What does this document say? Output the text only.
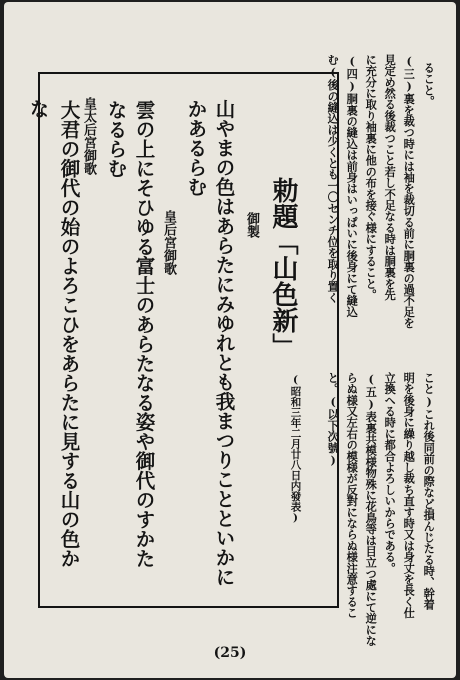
ること。
(三)裏を裁つ時には袖を裁切る前に胴裏の過不足を
見定め然る後裁つこと若し不足なる時は胴裏を先
に充分に取り袖裏に他の布を接ぐ様にすること。
(四)胴裏の縫込は前身はいっぱいに後身にて縫込
む(後の縫込は少くとも一〇センチ位を取り置く
こと)これ後同前の際など損んじたる時、幹着
明を後身に繰り越し裁ち直す時又は身丈を長く仕
立換へる時に都合よろしいからである。
(五)表裏共模様物殊に花鳥等は目立つ處にて逆にな
らぬ様又左右の模様が反對にならぬ様注意するこ
と。(以下次號)
勅題「山色新」
(昭和三年二月廿八日内發表)
御製
山やまの色はあらたにみゆれとも我まつりことといかに
かあるらむ
皇后宮御歌
雲の上にそひゆる富士のあらたなる姿や御代のすかた
なるらむ
皇太后宮御歌
大君の御代の始のよろこひをあらたに見する山の色か
な
(25)
